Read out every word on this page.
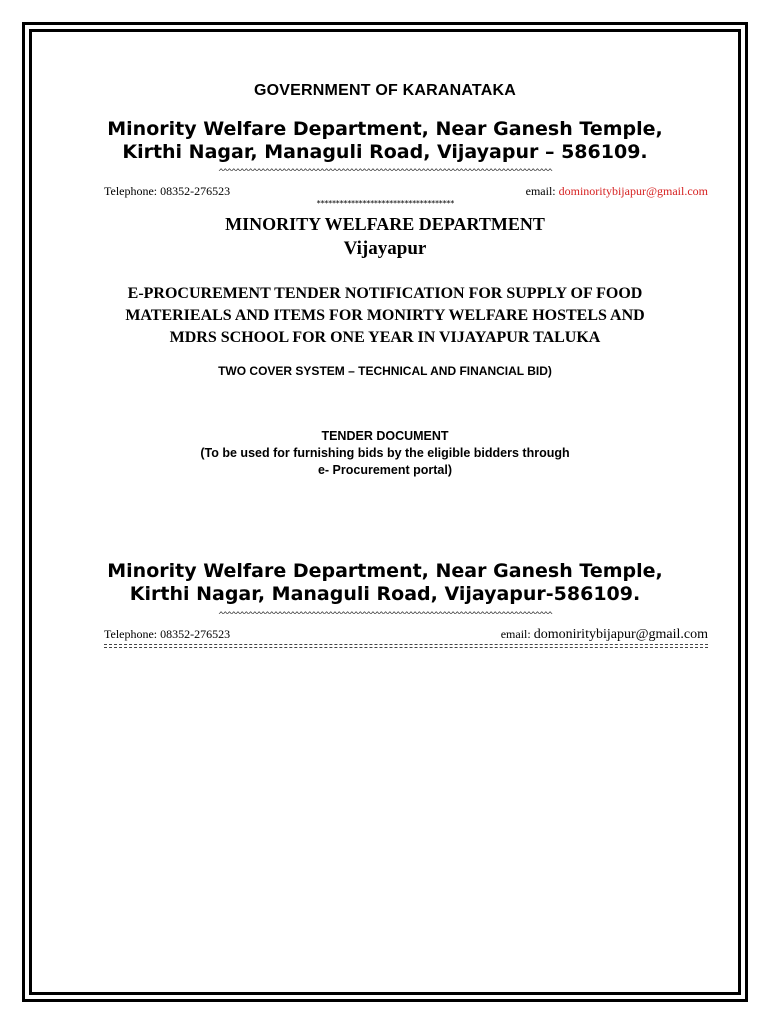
GOVERNMENT OF KARANATAKA
Minority Welfare Department, Near Ganesh Temple,
Kirthi Nagar, Managuli Road, Vijayapur – 586109.
^^^^^^^^^^^^^^^^^^^^^^^^^^^^^^^^^^^^^^^^^^^^^^^^^^^^^^^^^^^^^^^^^^^^^^^^^^^^^^^
Telephone: 08352-276523	email: dominoritybijapur@gmail.com
************************************
MINORITY WELFARE DEPARTMENT
Vijayapur
E-PROCUREMENT TENDER NOTIFICATION FOR SUPPLY OF FOOD
MATERIEALS AND ITEMS FOR MONIRTY WELFARE HOSTELS AND
MDRS SCHOOL FOR ONE YEAR IN VIJAYAPUR TALUKA
TWO COVER SYSTEM – TECHNICAL AND FINANCIAL BID)
TENDER DOCUMENT
(To be used for furnishing bids by the eligible bidders through
e- Procurement portal)
Minority Welfare Department, Near Ganesh Temple,
Kirthi Nagar, Managuli Road, Vijayapur-586109.
^^^^^^^^^^^^^^^^^^^^^^^^^^^^^^^^^^^^^^^^^^^^^^^^^^^^^^^^^^^^^^^^^^^^^^^^^^^^^^^
Telephone: 08352-276523	email: domoniritybijapur@gmail.com
